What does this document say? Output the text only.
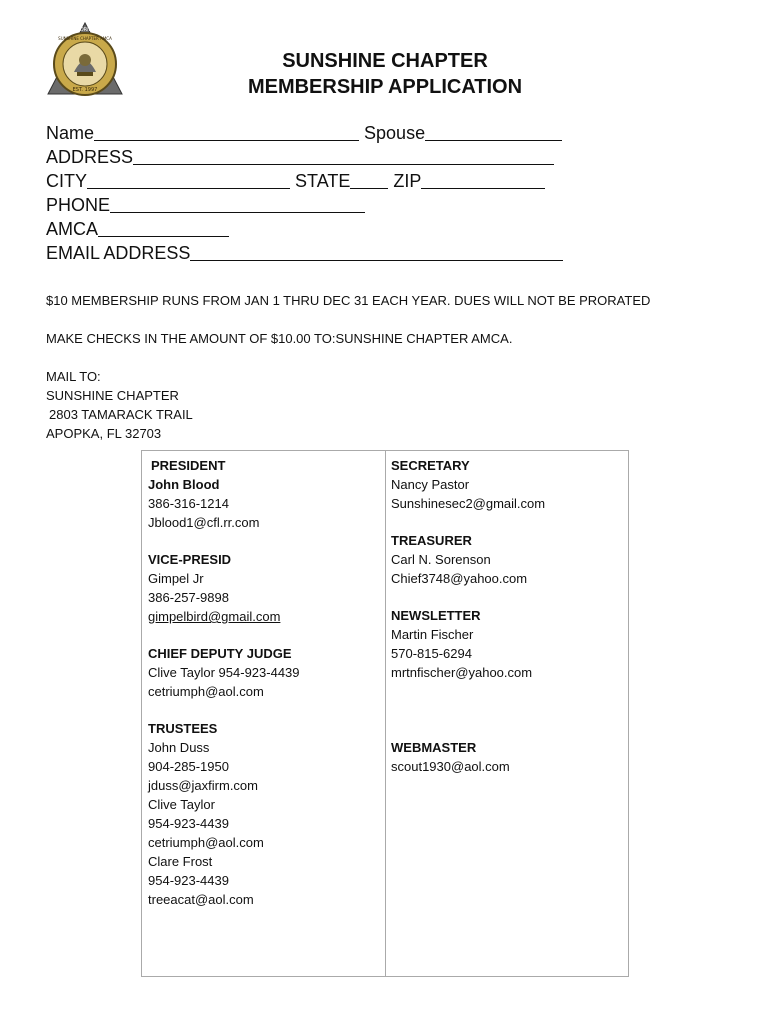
FLORIDA
EST. 1997
SUNSHINE CHAPTER AMCA
SUNSHINE CHAPTER
MEMBERSHIP APPLICATION
Name	Spouse
ADDRESS
CITY	STATE ZIP
PHONE
AMCA
EMAIL ADDRESS
$10 MEMBERSHIP RUNS FROM JAN 1 THRU DEC 31 EACH YEAR. DUES WILL NOT BE PRORATED
MAKE CHECKS IN THE AMOUNT OF $10.00 TO:SUNSHINE CHAPTER AMCA.
MAIL TO:
SUNSHINE CHAPTER
2803 TAMARACK TRAIL
APOPKA, FL 32703
PRESIDENT
John Blood
386-316-1214
Jblood1@cfl.rr.com
VICE-PRESID
Gimpel Jr
386-257-9898
gimpelbird@gmail.com
CHIEF DEPUTY JUDGE
Clive Taylor 954-923-4439
cetriumph@aol.com
TRUSTEES
John Duss
904-285-1950
jduss@jaxfirm.com
Clive Taylor
954-923-4439
cetriumph@aol.com
Clare Frost
954-923-4439
treeacat@aol.com
SECRETARY
Nancy Pastor
Sunshinesec2@gmail.com
TREASURER
Carl N. Sorenson
Chief3748@yahoo.com
NEWSLETTER
Martin Fischer
570-815-6294
mrtnfischer@yahoo.com
WEBMASTER
scout1930@aol.com
